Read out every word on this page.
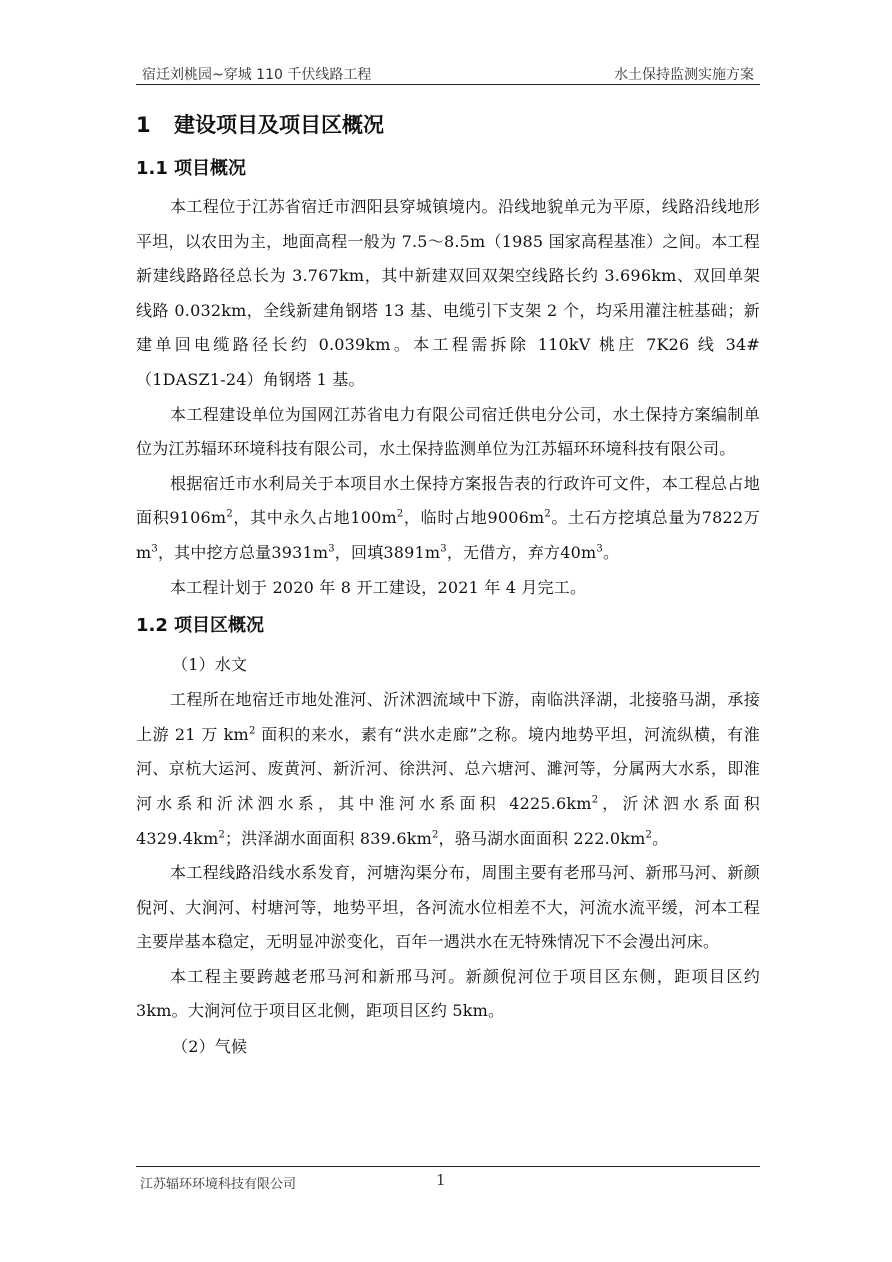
宿迁刘桃园~穿城 110 千伏线路工程	水土保持监测实施方案
1 建设项目及项目区概况
1.1 项目概况

本工程位于江苏省宿迁市泗阳县穿城镇境内。沿线地貌单元为平原，线路沿线地形平坦，以农田为主，地面高程一般为 7.5～8.5m（1985 国家高程基准）之间。本工程新建线路路径总长为 3.767km，其中新建双回双架空线路长约 3.696km、双回单架线路 0.032km，全线新建角钢塔 13 基、电缆引下支架 2 个，均采用灌注桩基础；新建单回电缆路径长约 0.039km。本工程需拆除 110kV 桃庄 7K26 线 34#（1DASZ1-24）角钢塔 1 基。

本工程建设单位为国网江苏省电力有限公司宿迁供电分公司，水土保持方案编制单位为江苏辐环环境科技有限公司，水土保持监测单位为江苏辐环环境科技有限公司。

根据宿迁市水利局关于本项目水土保持方案报告表的行政许可文件，本工程总占地面积$9106m^2$，其中永久占地$100m^2$，临时占地$9006m^2$。土石方挖填总量为7822万$m^3$，其中挖方总量$3931m^3$，回填$3891m^3$，无借方，弃方$40m^3$。

本工程计划于 2020 年 8 开工建设，2021 年 4 月完工。

1.2 项目区概况

（1）水文

工程所在地宿迁市地处淮河、沂沭泗流域中下游，南临洪泽湖，北接骆马湖，承接上游 21 万 $km^2$ 面积的来水，素有“洪水走廊”之称。境内地势平坦，河流纵横，有淮河、京杭大运河、废黄河、新沂河、徐洪河、总六塘河、濉河等，分属两大水系，即淮河水系和沂沭泗水系，其中淮河水系面积 $4225.6km^2$，沂沭泗水系面积 $4329.4km^2$；洪泽湖水面面积 $839.6km^2$，骆马湖水面面积 $222.0km^2$。

本工程线路沿线水系发育，河塘沟渠分布，周围主要有老邢马河、新邢马河、新颜倪河、大涧河、村塘河等，地势平坦，各河流水位相差不大，河流水流平缓，河本工程主要岸基本稳定，无明显冲淤变化，百年一遇洪水在无特殊情况下不会漫出河床。

本工程主要跨越老邢马河和新邢马河。新颜倪河位于项目区东侧，距项目区约 3km。大涧河位于项目区北侧，距项目区约 5km。

（2）气候

江苏辐环环境科技有限公司	1
